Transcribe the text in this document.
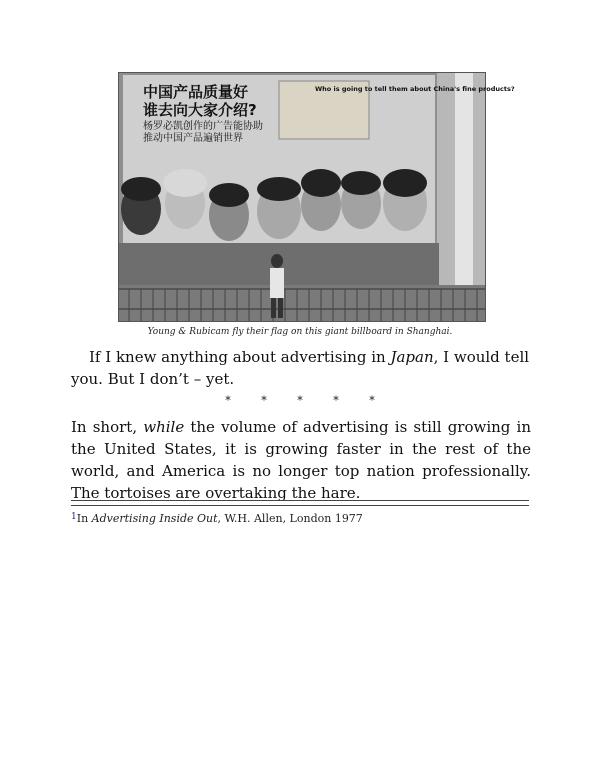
中国产品质量好
谁去向大家介绍?
杨罗必凯创作的广告能协助
推动中国产品遍销世界
Who is going to tell them about China's fine products?
Young & Rubicam fly their flag on this giant billboard in Shanghai.

If I knew anything about advertising in Japan, I would tell you. But I don’t – yet.

*	*	*	*	*

In short, while the volume of advertising is still growing in the United States, it is growing faster in the rest of the world, and America is no longer top nation professionally. The tortoises are overtaking the hare.

$^1$In Advertising Inside Out, W.H. Allen, London 1977
